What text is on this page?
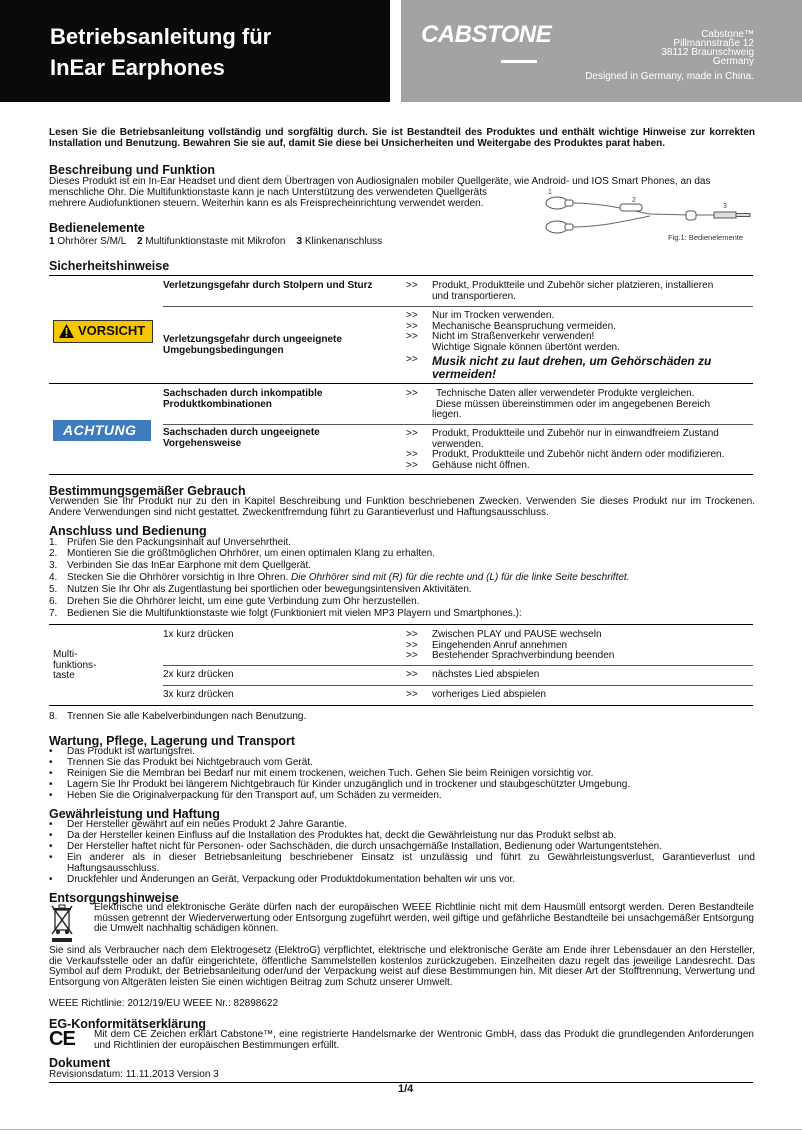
Betriebsanleitung für
InEar Earphones
CABSTONE	Cabstone™
Pillmannstraße 12
38112 Braunschweig
Germany
Designed in Germany, made in China.
Lesen Sie die Betriebsanleitung vollständig und sorgfältig durch. Sie ist Bestandteil des Produktes und enthält wichtige Hinweise zur korrekten Installation und Benutzung. Bewahren Sie sie auf, damit Sie diese bei Unsicherheiten und Weitergabe des Produktes parat haben.
Beschreibung und Funktion
Dieses Produkt ist ein In-Ear Headset und dient dem Übertragen von Audiosignalen mobiler Quellgeräte, wie Android- und IOS Smart Phones, an das
menschliche Ohr. Die Multifunktionstaste kann je nach Unterstützung des verwendeten Quellgeräts
mehrere Audiofunktionen steuern. Weiterhin kann es als Freisprecheinrichtung verwendet werden.
1
2
3
Fig.1: Bedienelemente
Bedienelemente
1 Ohrhörer S/M/L 2 Multifunktionstaste mit Mikrofon 3 Klinkenanschluss
Sicherheitshinweise
VORSICHT
ACHTUNG
Verletzungsgefahr durch Stolpern und Sturz	>>	Produkt, Produktteile und Zubehör sicher platzieren, installieren
und transportieren.
Verletzungsgefahr durch ungeeignete
Umgebungsbedingungen
>>	Nur im Trocken verwenden.
>>	Mechanische Beanspruchung vermeiden.
>>	Nicht im Straßenverkehr verwenden!
Wichtige Signale können übertönt werden.
>>	Musik nicht zu laut drehen, um Gehörschäden zu
vermeiden!
Sachschaden durch inkompatible
Produktkombinationen
>>	Technische Daten aller verwendeter Produkte vergleichen.
Diese müssen übereinstimmen oder im angegebenen Bereich
liegen.
Sachschaden durch ungeeignete
Vorgehensweise
>>	Produkt, Produktteile und Zubehör nur in einwandfreiem Zustand
verwenden.
>>	Produkt, Produktteile und Zubehör nicht ändern oder modifizieren.
>>	Gehäuse nicht öffnen.
Bestimmungsgemäßer Gebrauch
Verwenden Sie Ihr Produkt nur zu den in Kapitel Beschreibung und Funktion beschriebenen Zwecken. Verwenden Sie dieses Produkt nur im Trockenen. Andere Verwendungen sind nicht gestattet. Zweckentfremdung führt zu Garantieverlust und Haftungsausschluss.
Anschluss und Bedienung
1. Prüfen Sie den Packungsinhalt auf Unversehrtheit.
2. Montieren Sie die größtmöglichen Ohrhörer, um einen optimalen Klang zu erhalten.
3. Verbinden Sie das InEar Earphone mit dem Quellgerät.
4. Stecken Sie die Ohrhörer vorsichtig in Ihre Ohren. Die Ohrhörer sind mit (R) für die rechte und (L) für die linke Seite beschriftet.
5. Nutzen Sie Ihr Ohr als Zugentlastung bei sportlichen oder bewegungsintensiven Aktivitäten.
6. Drehen Sie die Ohrhörer leicht, um eine gute Verbindung zum Ohr herzustellen.
7. Bedienen Sie die Multifunktionstaste wie folgt (Funktioniert mit vielen MP3 Playern und Smartphones.):
Multi-
funktions-
taste
1x kurz drücken	>>	Zwischen PLAY und PAUSE wechseln
>>	Eingehenden Anruf annehmen
>>	Bestehender Sprachverbindung beenden
2x kurz drücken	>>	nächstes Lied abspielen
3x kurz drücken	>>	vorheriges Lied abspielen
8. Trennen Sie alle Kabelverbindungen nach Benutzung.
Wartung, Pflege, Lagerung und Transport
• Das Produkt ist wartungsfrei.
• Trennen Sie das Produkt bei Nichtgebrauch vom Gerät.
• Reinigen Sie die Membran bei Bedarf nur mit einem trockenen, weichen Tuch. Gehen Sie beim Reinigen vorsichtig vor.
• Lagern Sie Ihr Produkt bei längerem Nichtgebrauch für Kinder unzugänglich und in trockener und staubgeschützter Umgebung.
• Heben Sie die Originalverpackung für den Transport auf, um Schäden zu vermeiden.
Gewährleistung und Haftung
• Der Hersteller gewährt auf ein neues Produkt 2 Jahre Garantie.
• Da der Hersteller keinen Einfluss auf die Installation des Produktes hat, deckt die Gewährleistung nur das Produkt selbst ab.
• Der Hersteller haftet nicht für Personen- oder Sachschäden, die durch unsachgemäße Installation, Bedienung oder Wartungentstehen.
• Ein anderer als in dieser Betriebsanleitung beschriebener Einsatz ist unzulässig und führt zu Gewährleistungsverlust, Garantieverlust und Haftungsausschluss.
• Druckfehler und Änderungen an Gerät, Verpackung oder Produktdokumentation behalten wir uns vor.
Entsorgungshinweise
Elektrische und elektronische Geräte dürfen nach der europäischen WEEE Richtlinie nicht mit dem Hausmüll entsorgt werden. Deren Bestandteile müssen getrennt der Wiederverwertung oder Entsorgung zugeführt werden, weil giftige und gefährliche Bestandteile bei unsachgemäßer Entsorgung die Umwelt nachhaltig schädigen können.
Sie sind als Verbraucher nach dem Elektrogesetz (ElektroG) verpflichtet, elektrische und elektronische Geräte am Ende ihrer Lebensdauer an den Hersteller, die Verkaufsstelle oder an dafür eingerichtete, öffentliche Sammelstellen kostenlos zurückzugeben. Einzelheiten dazu regelt das jeweilige Landesrecht. Das Symbol auf dem Produkt, der Betriebsanleitung oder/und der Verpackung weist auf diese Bestimmungen hin. Mit dieser Art der Stofftrennung, Verwertung und Entsorgung von Altgeräten leisten Sie einen wichtigen Beitrag zum Schutz unserer Umwelt.
WEEE Richtlinie: 2012/19/EU WEEE Nr.: 82898622
EG-Konformitätserklärung
CE Mit dem CE Zeichen erklärt Cabstone™, eine registrierte Handelsmarke der Wentronic GmbH, dass das Produkt die grundlegenden Anforderungen und Richtlinien der europäischen Bestimmungen erfüllt.
Dokument
Revisionsdatum: 11.11.2013 Version 3
1/4
